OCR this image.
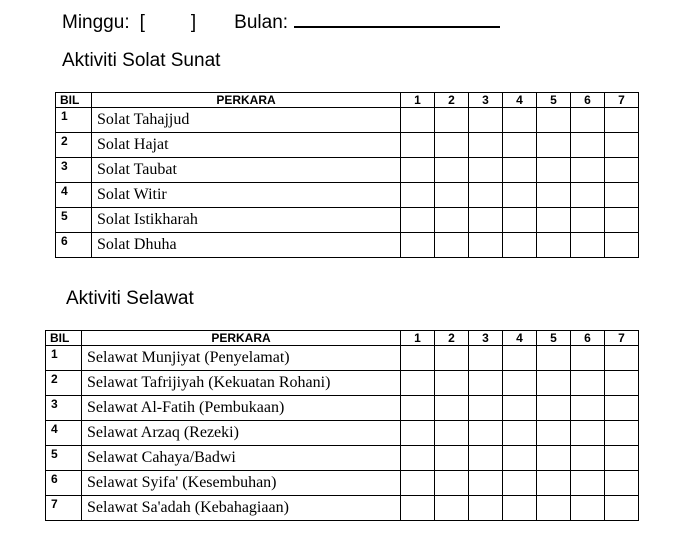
Minggu: [ ] Bulan:
Aktiviti Solat Sunat
BIL	PERKARA	1	2	3	4	5	6	7
1	Solat Tahajjud							
2	Solat Hajat							
3	Solat Taubat							
4	Solat Witir							
5	Solat Istikharah							
6	Solat Dhuha							
Aktiviti Selawat
BIL	PERKARA	1	2	3	4	5	6	7
1	Selawat Munjiyat (Penyelamat)							
2	Selawat Tafrijiyah (Kekuatan Rohani)							
3	Selawat Al-Fatih (Pembukaan)							
4	Selawat Arzaq (Rezeki)							
5	Selawat Cahaya/Badwi							
6	Selawat Syifa' (Kesembuhan)							
7	Selawat Sa'adah (Kebahagiaan)							
